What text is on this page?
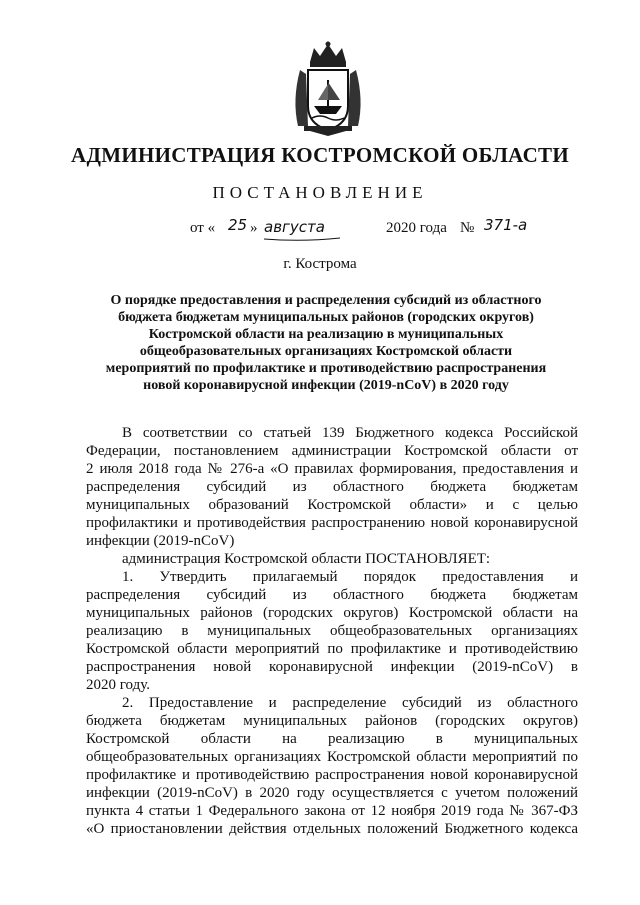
АДМИНИСТРАЦИЯ КОСТРОМСКОЙ ОБЛАСТИ
ПОСТАНОВЛЕНИЕ
от « 25 » августа	2020 года № 371-а
г. Кострома
О порядке предоставления и распределения субсидий из областного
бюджета бюджетам муниципальных районов (городских округов)
Костромской области на реализацию в муниципальных
общеобразовательных организациях Костромской области
мероприятий по профилактике и противодействию распространения
новой коронавирусной инфекции (2019-nCoV) в 2020 году
В соответствии со статьей 139 Бюджетного кодекса Российской
Федерации, постановлением администрации Костромской области от
2 июля 2018 года № 276-а «О правилах формирования, предоставления и
распределения субсидий из областного бюджета бюджетам
муниципальных образований Костромской области» и с целью
профилактики и противодействия распространению новой коронавирусной
инфекции (2019-nCoV)
администрация Костромской области ПОСТАНОВЛЯЕТ:
1. Утвердить прилагаемый порядок предоставления и
распределения субсидий из областного бюджета бюджетам
муниципальных районов (городских округов) Костромской области на
реализацию в муниципальных общеобразовательных организациях
Костромской области мероприятий по профилактике и противодействию
распространения новой коронавирусной инфекции (2019-nCoV) в
2020 году.
2. Предоставление и распределение субсидий из областного
бюджета бюджетам муниципальных районов (городских округов)
Костромской области на реализацию в муниципальных
общеобразовательных организациях Костромской области мероприятий по
профилактике и противодействию распространения новой коронавирусной
инфекции (2019-nCoV) в 2020 году осуществляется с учетом положений
пункта 4 статьи 1 Федерального закона от 12 ноября 2019 года № 367-ФЗ
«О приостановлении действия отдельных положений Бюджетного кодекса
